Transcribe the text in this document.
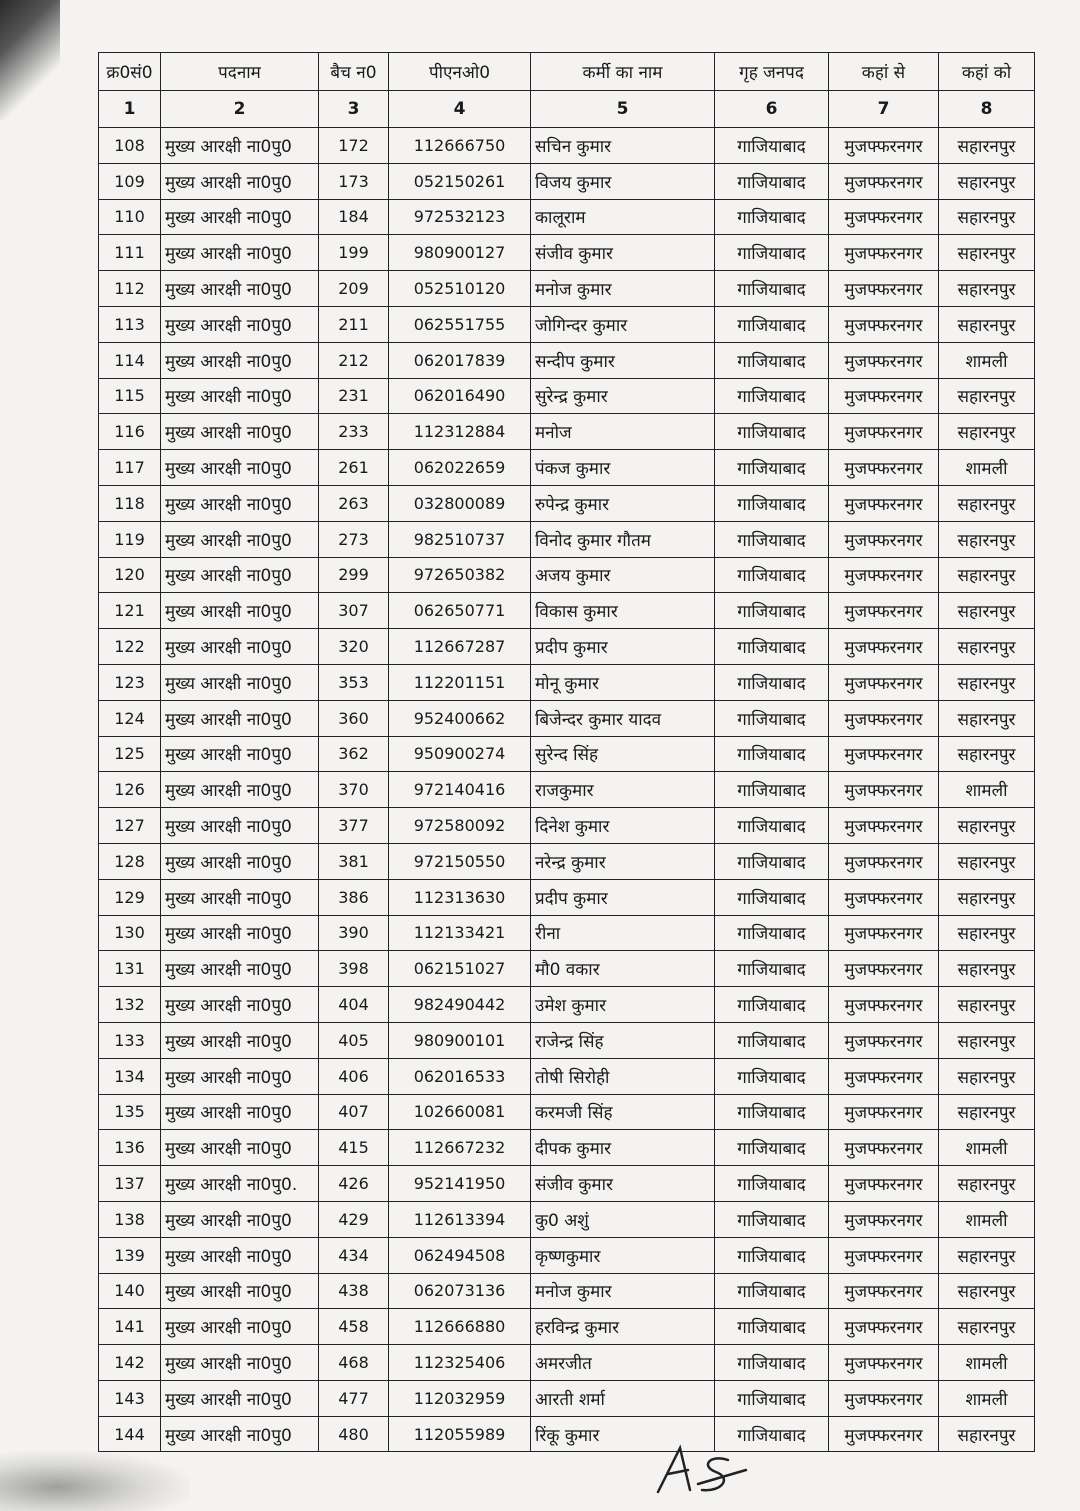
क्र0सं0	पदनाम	बैच न0	पीएनओ0	कर्मी का नाम	गृह जनपद	कहां से	कहां को
1	2	3	4	5	6	7	8
108	मुख्य आरक्षी ना0पु0	172	112666750	सचिन कुमार	गाजियाबाद	मुजफ्फरनगर	सहारनपुर
109	मुख्य आरक्षी ना0पु0	173	052150261	विजय कुमार	गाजियाबाद	मुजफ्फरनगर	सहारनपुर
110	मुख्य आरक्षी ना0पु0	184	972532123	कालूराम	गाजियाबाद	मुजफ्फरनगर	सहारनपुर
111	मुख्य आरक्षी ना0पु0	199	980900127	संजीव कुमार	गाजियाबाद	मुजफ्फरनगर	सहारनपुर
112	मुख्य आरक्षी ना0पु0	209	052510120	मनोज कुमार	गाजियाबाद	मुजफ्फरनगर	सहारनपुर
113	मुख्य आरक्षी ना0पु0	211	062551755	जोगिन्दर कुमार	गाजियाबाद	मुजफ्फरनगर	सहारनपुर
114	मुख्य आरक्षी ना0पु0	212	062017839	सन्दीप कुमार	गाजियाबाद	मुजफ्फरनगर	शामली
115	मुख्य आरक्षी ना0पु0	231	062016490	सुरेन्द्र कुमार	गाजियाबाद	मुजफ्फरनगर	सहारनपुर
116	मुख्य आरक्षी ना0पु0	233	112312884	मनोज	गाजियाबाद	मुजफ्फरनगर	सहारनपुर
117	मुख्य आरक्षी ना0पु0	261	062022659	पंकज कुमार	गाजियाबाद	मुजफ्फरनगर	शामली
118	मुख्य आरक्षी ना0पु0	263	032800089	रुपेन्द्र कुमार	गाजियाबाद	मुजफ्फरनगर	सहारनपुर
119	मुख्य आरक्षी ना0पु0	273	982510737	विनोद कुमार गौतम	गाजियाबाद	मुजफ्फरनगर	सहारनपुर
120	मुख्य आरक्षी ना0पु0	299	972650382	अजय कुमार	गाजियाबाद	मुजफ्फरनगर	सहारनपुर
121	मुख्य आरक्षी ना0पु0	307	062650771	विकास कुमार	गाजियाबाद	मुजफ्फरनगर	सहारनपुर
122	मुख्य आरक्षी ना0पु0	320	112667287	प्रदीप कुमार	गाजियाबाद	मुजफ्फरनगर	सहारनपुर
123	मुख्य आरक्षी ना0पु0	353	112201151	मोनू कुमार	गाजियाबाद	मुजफ्फरनगर	सहारनपुर
124	मुख्य आरक्षी ना0पु0	360	952400662	बिजेन्दर कुमार यादव	गाजियाबाद	मुजफ्फरनगर	सहारनपुर
125	मुख्य आरक्षी ना0पु0	362	950900274	सुरेन्द सिंह	गाजियाबाद	मुजफ्फरनगर	सहारनपुर
126	मुख्य आरक्षी ना0पु0	370	972140416	राजकुमार	गाजियाबाद	मुजफ्फरनगर	शामली
127	मुख्य आरक्षी ना0पु0	377	972580092	दिनेश कुमार	गाजियाबाद	मुजफ्फरनगर	सहारनपुर
128	मुख्य आरक्षी ना0पु0	381	972150550	नरेन्द्र कुमार	गाजियाबाद	मुजफ्फरनगर	सहारनपुर
129	मुख्य आरक्षी ना0पु0	386	112313630	प्रदीप कुमार	गाजियाबाद	मुजफ्फरनगर	सहारनपुर
130	मुख्य आरक्षी ना0पु0	390	112133421	रीना	गाजियाबाद	मुजफ्फरनगर	सहारनपुर
131	मुख्य आरक्षी ना0पु0	398	062151027	मौ0 वकार	गाजियाबाद	मुजफ्फरनगर	सहारनपुर
132	मुख्य आरक्षी ना0पु0	404	982490442	उमेश कुमार	गाजियाबाद	मुजफ्फरनगर	सहारनपुर
133	मुख्य आरक्षी ना0पु0	405	980900101	राजेन्द्र सिंह	गाजियाबाद	मुजफ्फरनगर	सहारनपुर
134	मुख्य आरक्षी ना0पु0	406	062016533	तोषी सिरोही	गाजियाबाद	मुजफ्फरनगर	सहारनपुर
135	मुख्य आरक्षी ना0पु0	407	102660081	करमजी सिंह	गाजियाबाद	मुजफ्फरनगर	सहारनपुर
136	मुख्य आरक्षी ना0पु0	415	112667232	दीपक कुमार	गाजियाबाद	मुजफ्फरनगर	शामली
137	मुख्य आरक्षी ना0पु0.	426	952141950	संजीव कुमार	गाजियाबाद	मुजफ्फरनगर	सहारनपुर
138	मुख्य आरक्षी ना0पु0	429	112613394	कु0 अशुं	गाजियाबाद	मुजफ्फरनगर	शामली
139	मुख्य आरक्षी ना0पु0	434	062494508	कृष्णकुमार	गाजियाबाद	मुजफ्फरनगर	सहारनपुर
140	मुख्य आरक्षी ना0पु0	438	062073136	मनोज कुमार	गाजियाबाद	मुजफ्फरनगर	सहारनपुर
141	मुख्य आरक्षी ना0पु0	458	112666880	हरविन्द्र कुमार	गाजियाबाद	मुजफ्फरनगर	सहारनपुर
142	मुख्य आरक्षी ना0पु0	468	112325406	अमरजीत	गाजियाबाद	मुजफ्फरनगर	शामली
143	मुख्य आरक्षी ना0पु0	477	112032959	आरती शर्मा	गाजियाबाद	मुजफ्फरनगर	शामली
144	मुख्य आरक्षी ना0पु0	480	112055989	रिंकू कुमार	गाजियाबाद	मुजफ्फरनगर	सहारनपुर
